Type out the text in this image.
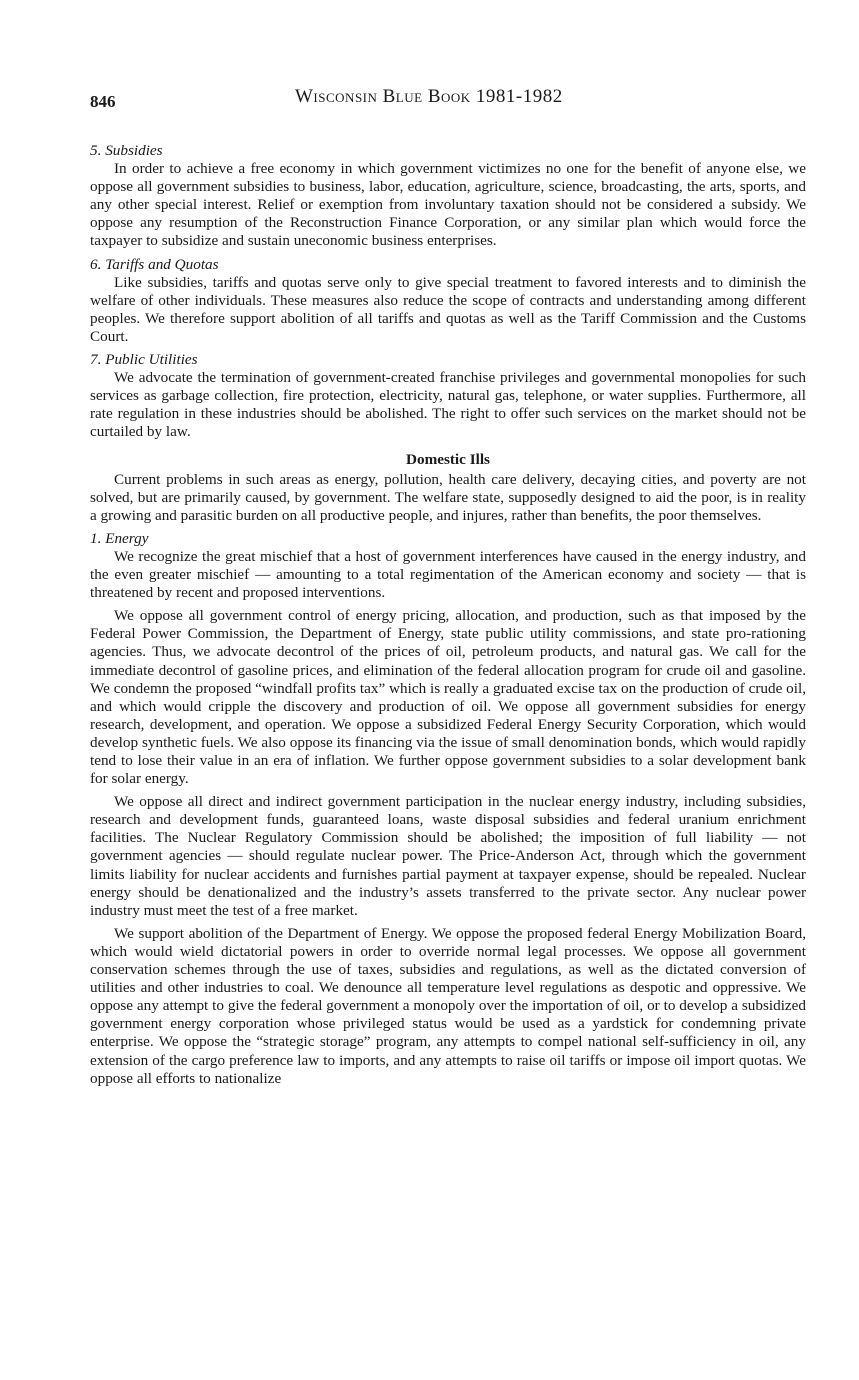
846	Wisconsin Blue Book 1981-1982
5. Subsidies

In order to achieve a free economy in which government victimizes no one for the benefit of anyone else, we oppose all government subsidies to business, labor, education, agriculture, science, broadcasting, the arts, sports, and any other special interest. Relief or exemption from involuntary taxation should not be considered a subsidy. We oppose any resumption of the Reconstruction Finance Corporation, or any similar plan which would force the taxpayer to subsidize and sustain uneconomic business enterprises.

6. Tariffs and Quotas

Like subsidies, tariffs and quotas serve only to give special treatment to favored interests and to diminish the welfare of other individuals. These measures also reduce the scope of contracts and understanding among different peoples. We therefore support abolition of all tariffs and quotas as well as the Tariff Commission and the Customs Court.

7. Public Utilities

We advocate the termination of government-created franchise privileges and governmental monopolies for such services as garbage collection, fire protection, electricity, natural gas, telephone, or water supplies. Furthermore, all rate regulation in these industries should be abolished. The right to offer such services on the market should not be curtailed by law.

Domestic Ills

Current problems in such areas as energy, pollution, health care delivery, decaying cities, and poverty are not solved, but are primarily caused, by government. The welfare state, supposedly designed to aid the poor, is in reality a growing and parasitic burden on all productive people, and injures, rather than benefits, the poor themselves.

1. Energy

We recognize the great mischief that a host of government interferences have caused in the energy industry, and the even greater mischief — amounting to a total regimentation of the American economy and society — that is threatened by recent and proposed interventions.

We oppose all government control of energy pricing, allocation, and production, such as that imposed by the Federal Power Commission, the Department of Energy, state public utility commissions, and state pro-rationing agencies. Thus, we advocate decontrol of the prices of oil, petroleum products, and natural gas. We call for the immediate decontrol of gasoline prices, and elimination of the federal allocation program for crude oil and gasoline. We condemn the proposed “windfall profits tax” which is really a graduated excise tax on the production of crude oil, and which would cripple the discovery and production of oil. We oppose all government subsidies for energy research, development, and operation. We oppose a subsidized Federal Energy Security Corporation, which would develop synthetic fuels. We also oppose its financing via the issue of small denomination bonds, which would rapidly tend to lose their value in an era of inflation. We further oppose government subsidies to a solar development bank for solar energy.

We oppose all direct and indirect government participation in the nuclear energy industry, including subsidies, research and development funds, guaranteed loans, waste disposal subsidies and federal uranium enrichment facilities. The Nuclear Regulatory Commission should be abolished; the imposition of full liability — not government agencies — should regulate nuclear power. The Price-Anderson Act, through which the government limits liability for nuclear accidents and furnishes partial payment at taxpayer expense, should be repealed. Nuclear energy should be denationalized and the industry’s assets transferred to the private sector. Any nuclear power industry must meet the test of a free market.

We support abolition of the Department of Energy. We oppose the proposed federal Energy Mobilization Board, which would wield dictatorial powers in order to override normal legal processes. We oppose all government conservation schemes through the use of taxes, subsidies and regulations, as well as the dictated conversion of utilities and other industries to coal. We denounce all temperature level regulations as despotic and oppressive. We oppose any attempt to give the federal government a monopoly over the importation of oil, or to develop a subsidized government energy corporation whose privileged status would be used as a yardstick for condemning private enterprise. We oppose the “strategic storage” program, any attempts to compel national self-sufficiency in oil, any extension of the cargo preference law to imports, and any attempts to raise oil tariffs or impose oil import quotas. We oppose all efforts to nationalize
